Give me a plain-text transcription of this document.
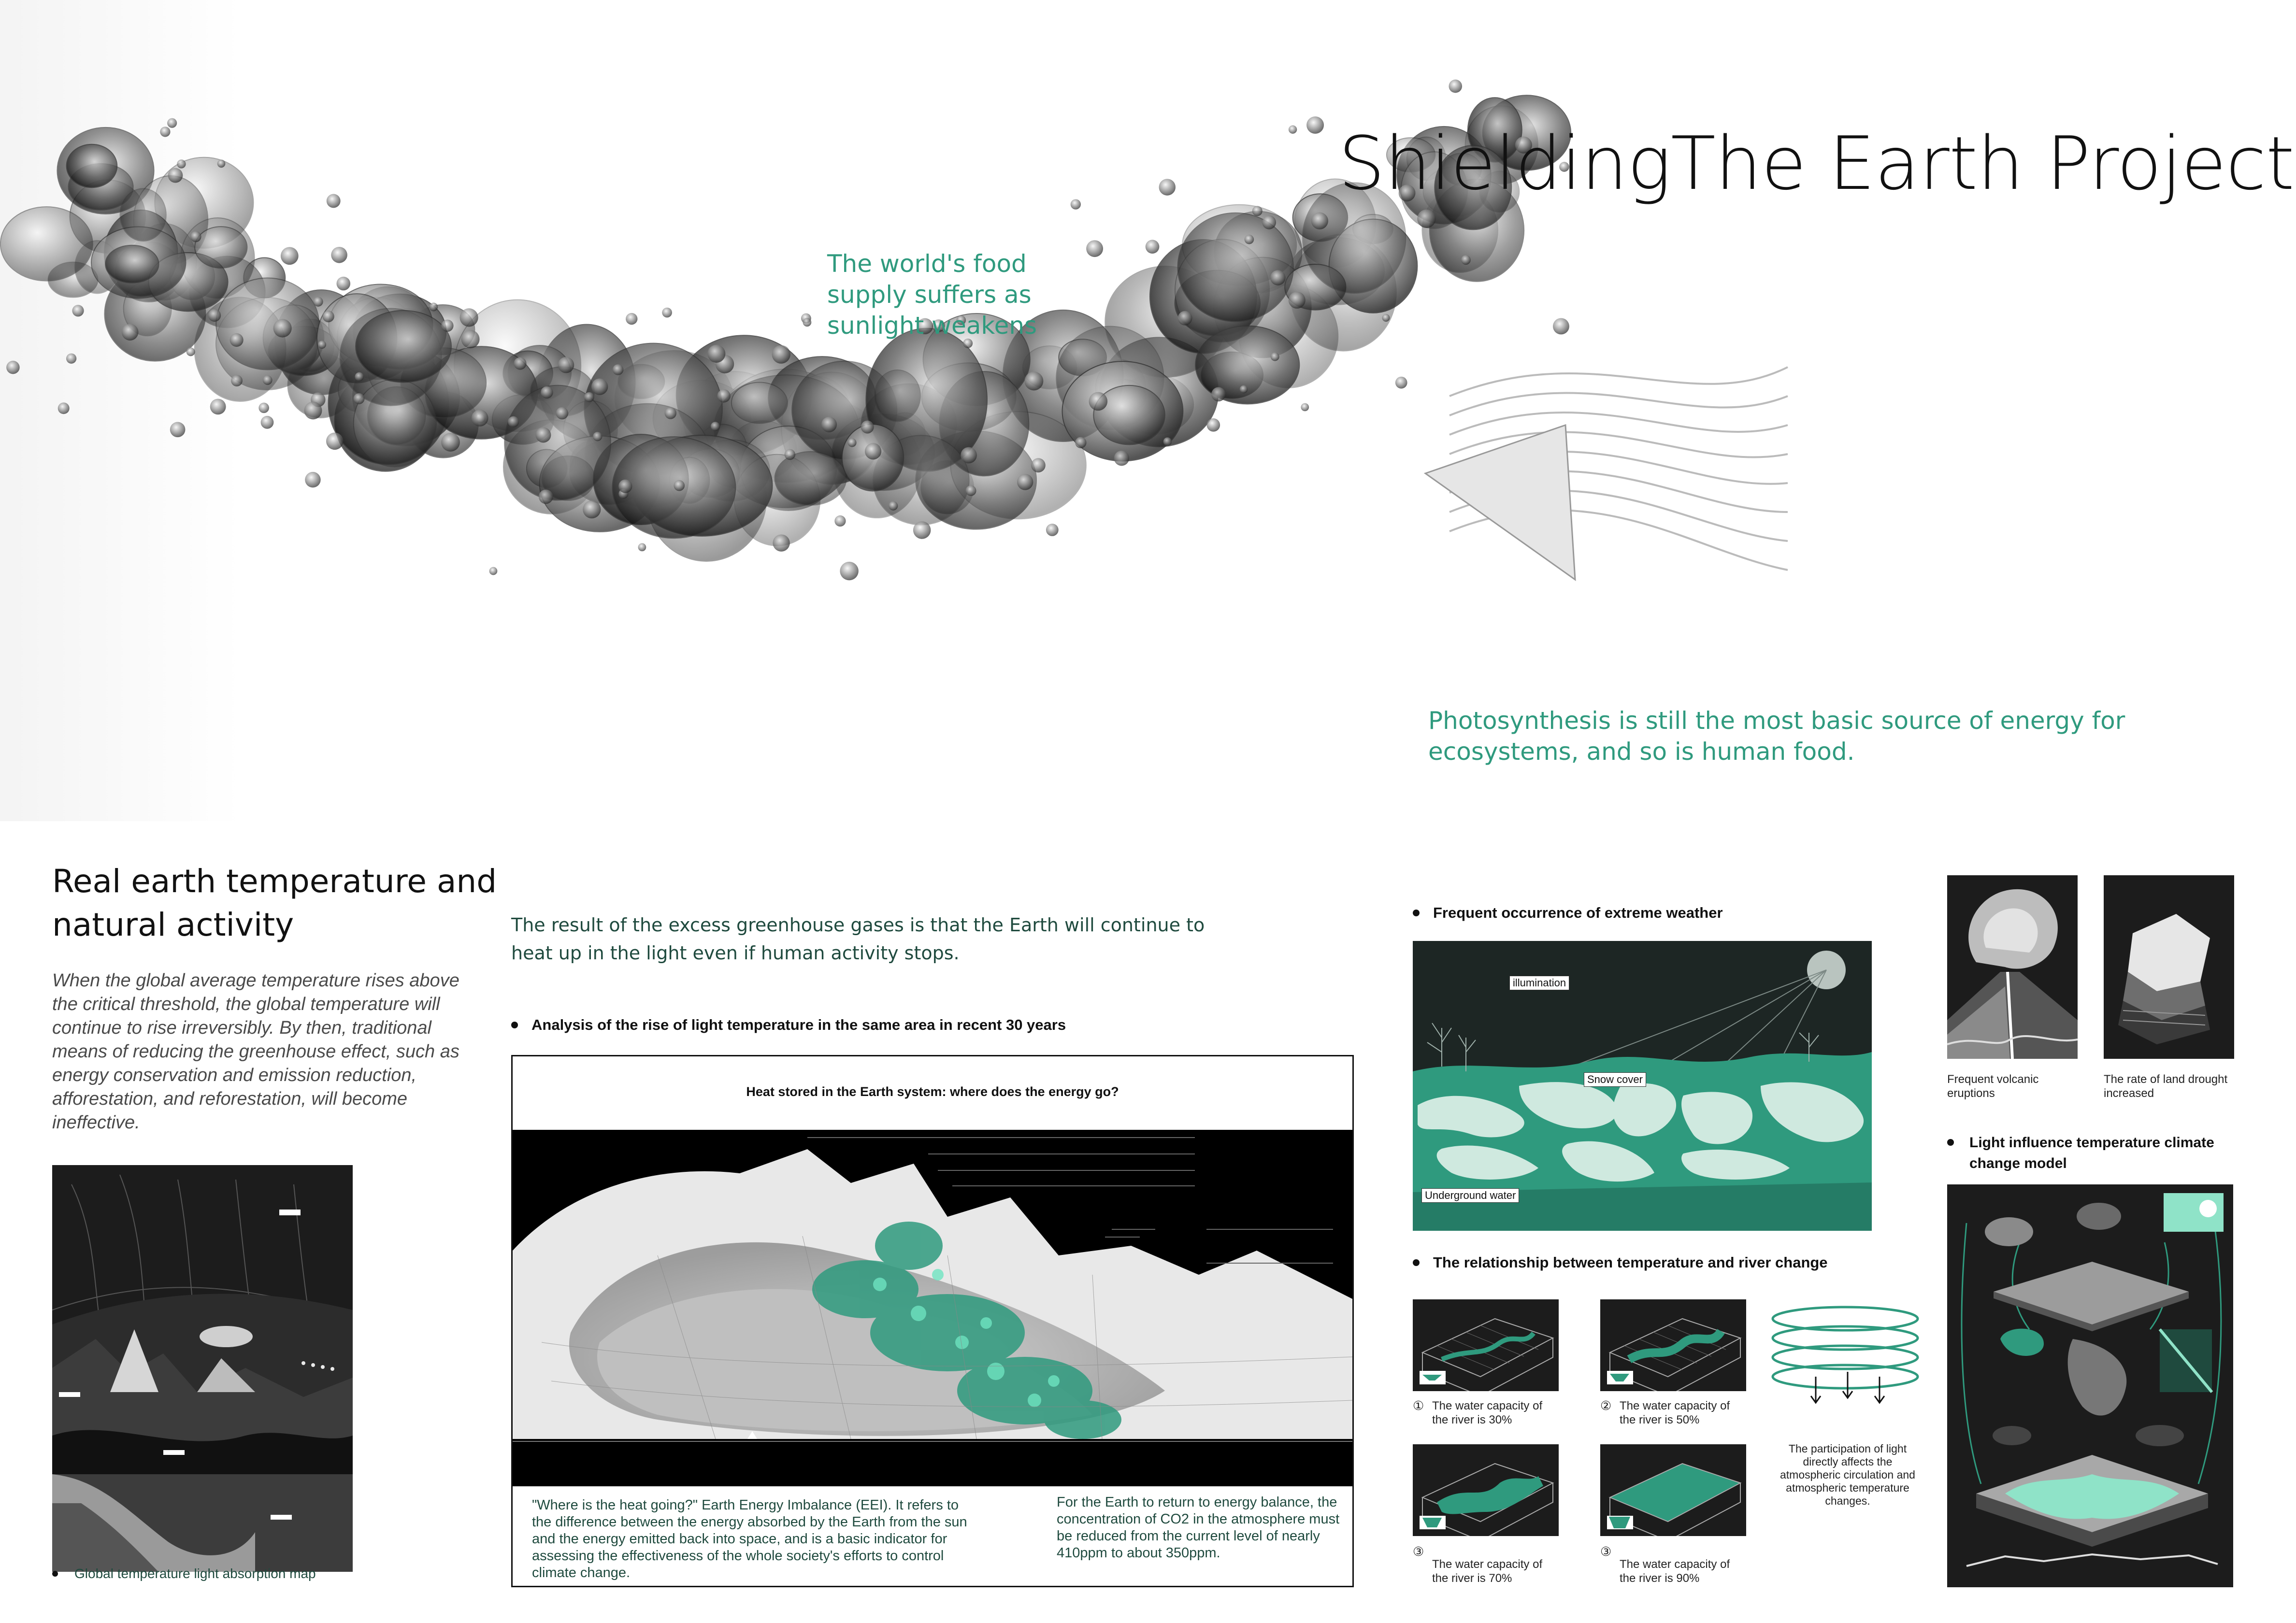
ShieldingThe Earth Project
The world's food
supply suffers as
sunlight weakens
Photosynthesis is still the most basic source of energy for
ecosystems, and so is human food.
Real earth temperature and
natural activity
When the global average temperature rises above the critical threshold, the global temperature will continue to rise irreversibly. By then, traditional means of reducing the greenhouse effect, such as energy conservation and emission reduction, afforestation, and reforestation, will become ineffective.
Global temperature light absorption map
The result of the excess greenhouse gases is that the Earth will continue to
heat up in the light even if human activity stops.
Analysis of the rise of light temperature in the same area in recent 30 years
Heat stored in the Earth system: where does the energy go?
"Where is the heat going?" Earth Energy Imbalance (EEI). It refers to the difference between the energy absorbed by the Earth from the sun and the energy emitted back into space, and is a basic indicator for assessing the effectiveness of the whole society's efforts to control climate change.
For the Earth to return to energy balance, the concentration of CO2 in the atmosphere must be reduced from the current level of nearly 410ppm to about 350ppm.
Frequent occurrence of extreme weather
illumination
Snow cover
Underground water
The relationship between temperature and river change
① The water capacity of
the river is 30%
② The water capacity of
the river is 50%
③
The water capacity of
the river is 70%
③
The water capacity of
the river is 90%
The participation of light
directly affects the
atmospheric circulation and
atmospheric temperature
changes.
Frequent volcanic
eruptions
The rate of land drought
increased
Light influence temperature climate
change model
